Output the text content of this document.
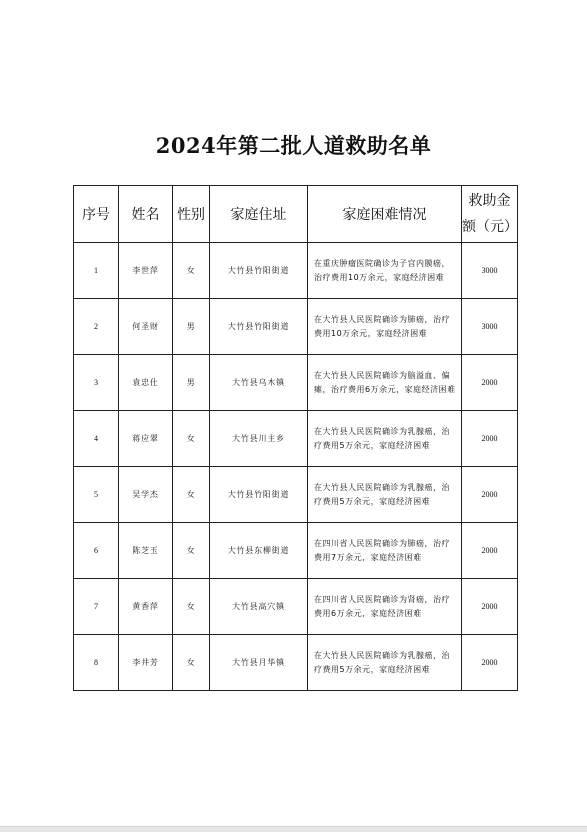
2024年第二批人道救助名单
序号	姓名	性别	家庭住址	家庭困难情况	救助金
额（元）
1	李世萍	女	大竹县竹阳街道	在重庆肿瘤医院确诊为子宫内膜癌，治疗费用10万余元，家庭经济困难	3000
2	何圣财	男	大竹县竹阳街道	在大竹县人民医院确诊为肺癌，治疗费用10万余元，家庭经济困难	3000
3	袁忠仕	男	大竹县乌木镇	在大竹县人民医院确诊为脑溢血、偏瘫，治疗费用6万余元，家庭经济困难	2000
4	蒋应翠	女	大竹县川主乡	在大竹县人民医院确诊为乳腺癌，治疗费用5万余元，家庭经济困难	2000
5	吴学杰	女	大竹县竹阳街道	在大竹县人民医院确诊为乳腺癌，治疗费用5万余元，家庭经济困难	2000
6	陈芝玉	女	大竹县东柳街道	在四川省人民医院确诊为肺癌，治疗费用7万余元，家庭经济困难	2000
7	黄香萍	女	大竹县高穴镇	在四川省人民医院确诊为肾癌，治疗费用6万余元，家庭经济困难	2000
8	李井芳	女	大竹县月华镇	在大竹县人民医院确诊为乳腺癌，治疗费用5万余元，家庭经济困难	2000
